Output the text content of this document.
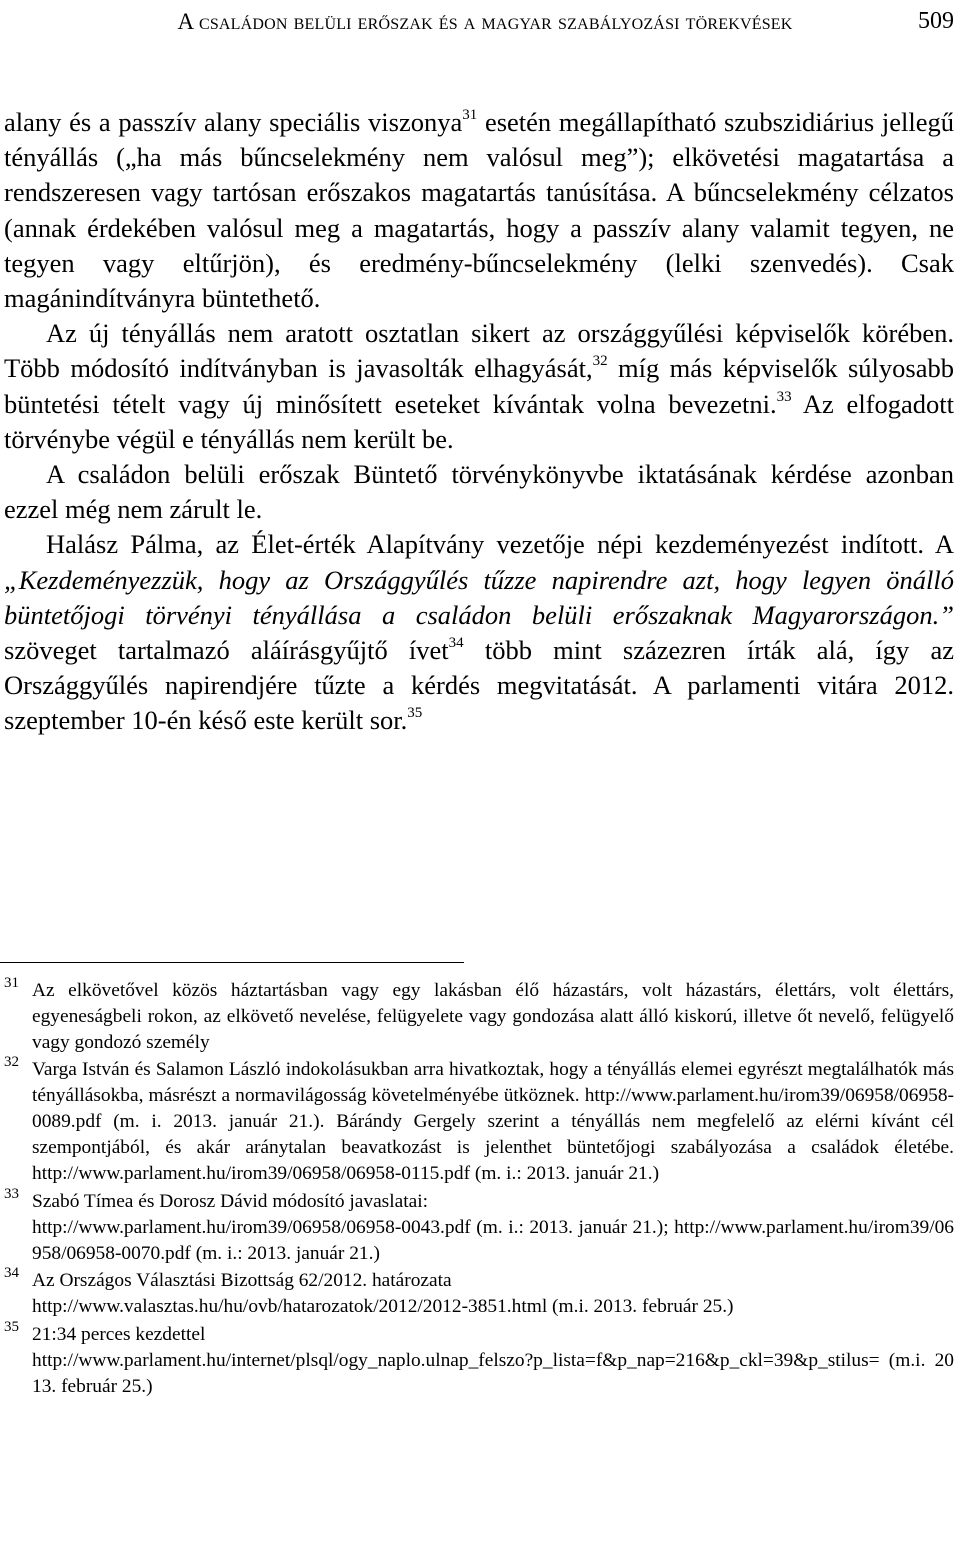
A családon belüli erőszak és a magyar szabályozási törekvések	509

alany és a passzív alany speciális viszonya$^{31}$ esetén megállapítható szubszidiárius jellegű tényállás („ha más bűncselekmény nem valósul meg”); elkövetési magatartása a rendszeresen vagy tartósan erőszakos magatartás tanúsítása. A bűncselekmény célzatos (annak érdekében valósul meg a magatartás, hogy a passzív alany valamit tegyen, ne tegyen vagy eltűrjön), és eredmény-bűncselekmény (lelki szenvedés). Csak magánindítványra büntethető.

Az új tényállás nem aratott osztatlan sikert az országgyűlési képviselők körében. Több módosító indítványban is javasolták elhagyását,$^{32}$ míg más képviselők súlyosabb büntetési tételt vagy új minősített eseteket kívántak volna bevezetni.$^{33}$ Az elfogadott törvénybe végül e tényállás nem került be.

A családon belüli erőszak Büntető törvénykönyvbe iktatásának kérdése azonban ezzel még nem zárult le.

Halász Pálma, az Élet-érték Alapítvány vezetője népi kezdeményezést indított. A „Kezdeményezzük, hogy az Országgyűlés tűzze napirendre azt, hogy legyen önálló büntetőjogi törvényi tényállása a családon belüli erőszaknak Magyarországon.” szöveget tartalmazó aláírásgyűjtő ívet$^{34}$ több mint százezren írták alá, így az Országgyűlés napirendjére tűzte a kérdés megvitatását. A parlamenti vitára 2012. szeptember 10-én késő este került sor.$^{35}$

31 Az elkövetővel közös háztartásban vagy egy lakásban élő házastárs, volt házastárs, élettárs, volt élettárs, egyeneságbeli rokon, az elkövető nevelése, felügyelete vagy gondozása alatt álló kiskorú, illetve őt nevelő, felügyelő vagy gondozó személy
32 Varga István és Salamon László indokolásukban arra hivatkoztak, hogy a tényállás elemei egyrészt megtalálhatók más tényállásokba, másrészt a normavilágosság követelményébe ütköznek. http://www.parlament.hu/irom39/06958/06958-0089.pdf (m. i. 2013. január 21.). Bárándy Gergely szerint a tényállás nem megfelelő az elérni kívánt cél szempontjából, és akár aránytalan beavatkozást is jelenthet büntetőjogi szabályozása a családok életébe. http://www.parlament.hu/irom39/06958/06958-0115.pdf (m. i.: 2013. január 21.)
33 Szabó Tímea és Dorosz Dávid módosító javaslatai:
http://www.parlament.hu/irom39/06958/06958-0043.pdf (m. i.: 2013. január 21.); http://www.parlament.hu/irom39/06958/06958-0070.pdf (m. i.: 2013. január 21.)
34 Az Országos Választási Bizottság 62/2012. határozata
http://www.valasztas.hu/hu/ovb/hatarozatok/2012/2012-3851.html (m.i. 2013. február 25.)
35 21:34 perces kezdettel
http://www.parlament.hu/internet/plsql/ogy_naplo.ulnap_felszo?p_lista=f&p_nap=216&p_ckl=39&p_stilus= (m.i. 2013. február 25.)
